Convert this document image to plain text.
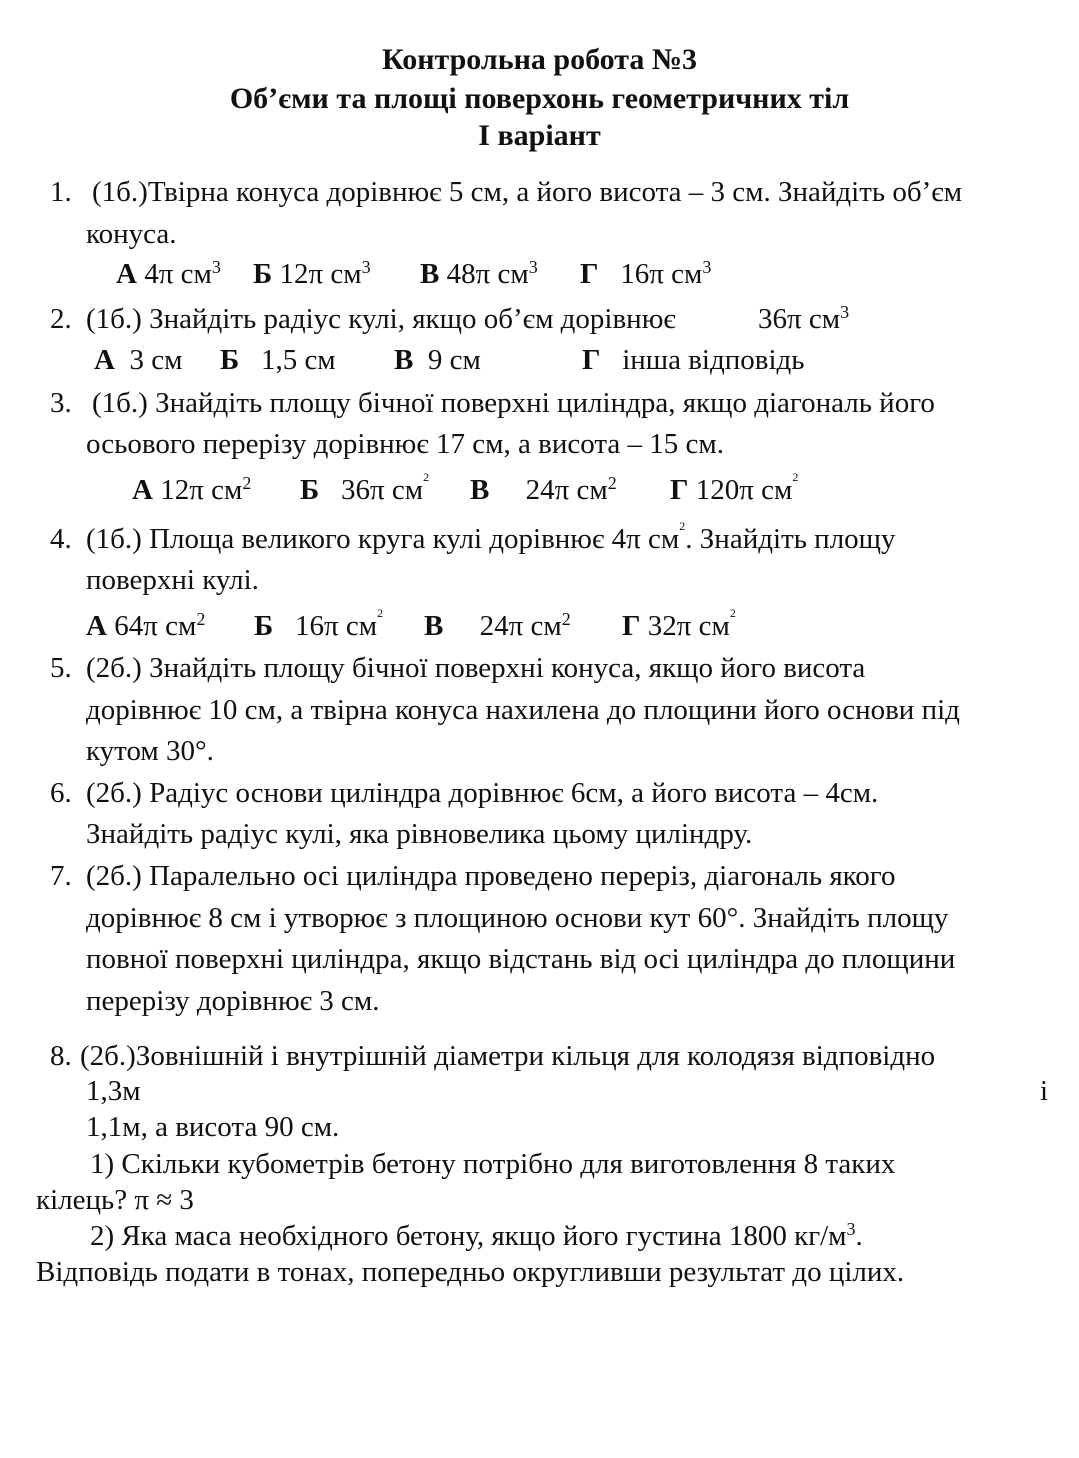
Контрольна робота №3
Об’єми та площі поверхонь геометричних тіл
І варіант
1. (1б.)Твірна конуса дорівнює 5 см, а його висота – 3 см. Знайдіть об’єм
конуса.
А 4π $см^3$ Б 12π $см^3$ В 48π $см^3$ Г 16π $см^3$
2. (1б.) Знайдіть радіус кулі, якщо об’єм дорівнює	36π $см^3$
А 3 см Б 1,5 см В 9 см	Г інша відповідь
3. (1б.) Знайдіть площу бічної поверхні циліндра, якщо діагональ його
осьового перерізу дорівнює 17 см, а висота – 15 см.
А 12π $см^2$ Б 36π $см^2$ В 24π $см^2$ Г 120π $см^2$
4. (1б.) Площа великого круга кулі дорівнює 4π $см^2$. Знайдіть площу
поверхні кулі.
А 64π $см^2$ Б 16π $см^2$ В 24π $см^2$ Г 32π $см^2$
5. (2б.) Знайдіть площу бічної поверхні конуса, якщо його висота
дорівнює 10 см, а твірна конуса нахилена до площини його основи під
кутом 30°.
6. (2б.) Радіус основи циліндра дорівнює 6см, а його висота – 4см.
Знайдіть радіус кулі, яка рівновелика цьому циліндру.
7. (2б.) Паралельно осі циліндра проведено переріз, діагональ якого
дорівнює 8 см і утворює з площиною основи кут 60°. Знайдіть площу
повної поверхні циліндра, якщо відстань від осі циліндра до площини
перерізу дорівнює 3 см.
8. (2б.)Зовнішній і внутрішній діаметри кільця для колодязя відповідно
1,3м	і
1,1м, а висота 90 см.
1) Скільки кубометрів бетону потрібно для виготовлення 8 таких
кілець? π ≈ 3
2) Яка маса необхідного бетону, якщо його густина 1800 $кг/м^3$.
Відповідь подати в тонах, попередньо округливши результат до цілих.
